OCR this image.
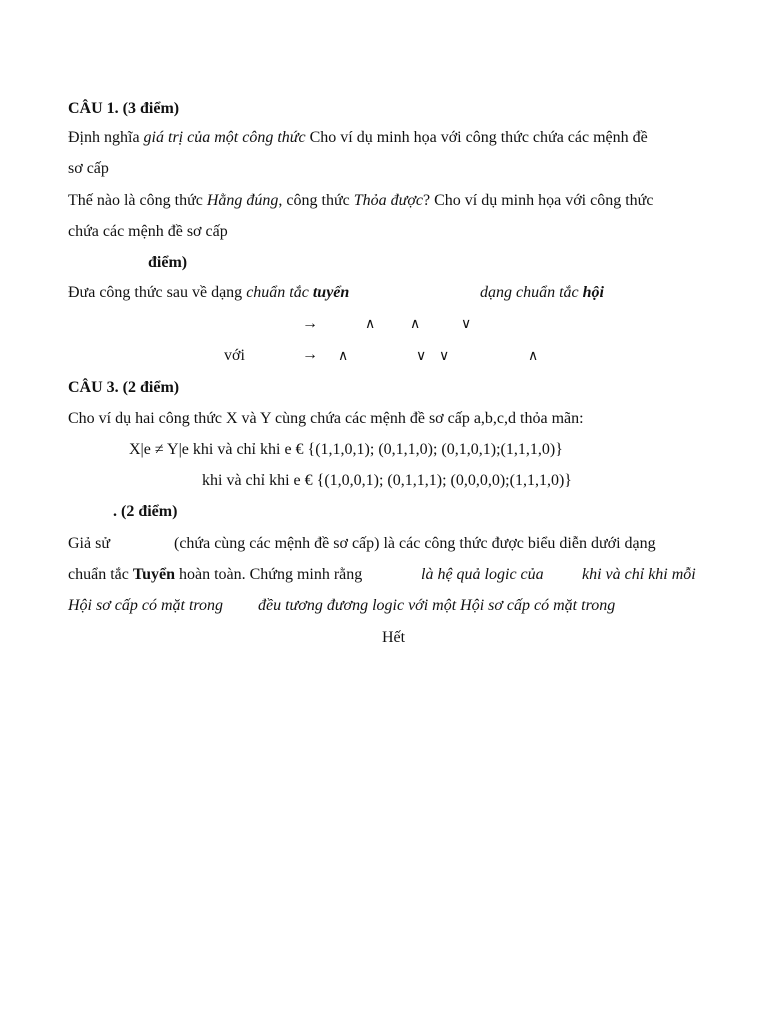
CÂU 1. (3 điểm)
Định nghĩa giá trị của một công thức Cho ví dụ minh họa với công thức chứa các mệnh đề
sơ cấp
Thế nào là công thức Hằng đúng, công thức Thỏa được? Cho ví dụ minh họa với công thức
chứa các mệnh đề sơ cấp
điểm)
Đưa công thức sau về dạng chuẩn tắc tuyển	dạng chuẩn tắc hội
→	∧ ∧	∨
với	→ ∧	∨ ∨	∧
CÂU 3. (2 điểm)
Cho ví dụ hai công thức X và Y cùng chứa các mệnh đề sơ cấp a,b,c,d thỏa mãn:
X|e ≠ Y|e khi và chỉ khi e € {(1,1,0,1); (0,1,1,0); (0,1,0,1);(1,1,1,0)}
khi và chỉ khi e € {(1,0,0,1); (0,1,1,1); (0,0,0,0);(1,1,1,0)}
. (2 điểm)
Giả sử	(chứa cùng các mệnh đề sơ cấp) là các công thức được biểu diễn dưới dạng
chuẩn tắc Tuyển hoàn toàn. Chứng minh rằng	là hệ quả logic của khi và chỉ khi mỗi
Hội sơ cấp có mặt trong đều tương đương logic với một Hội sơ cấp có mặt trong
Hết
